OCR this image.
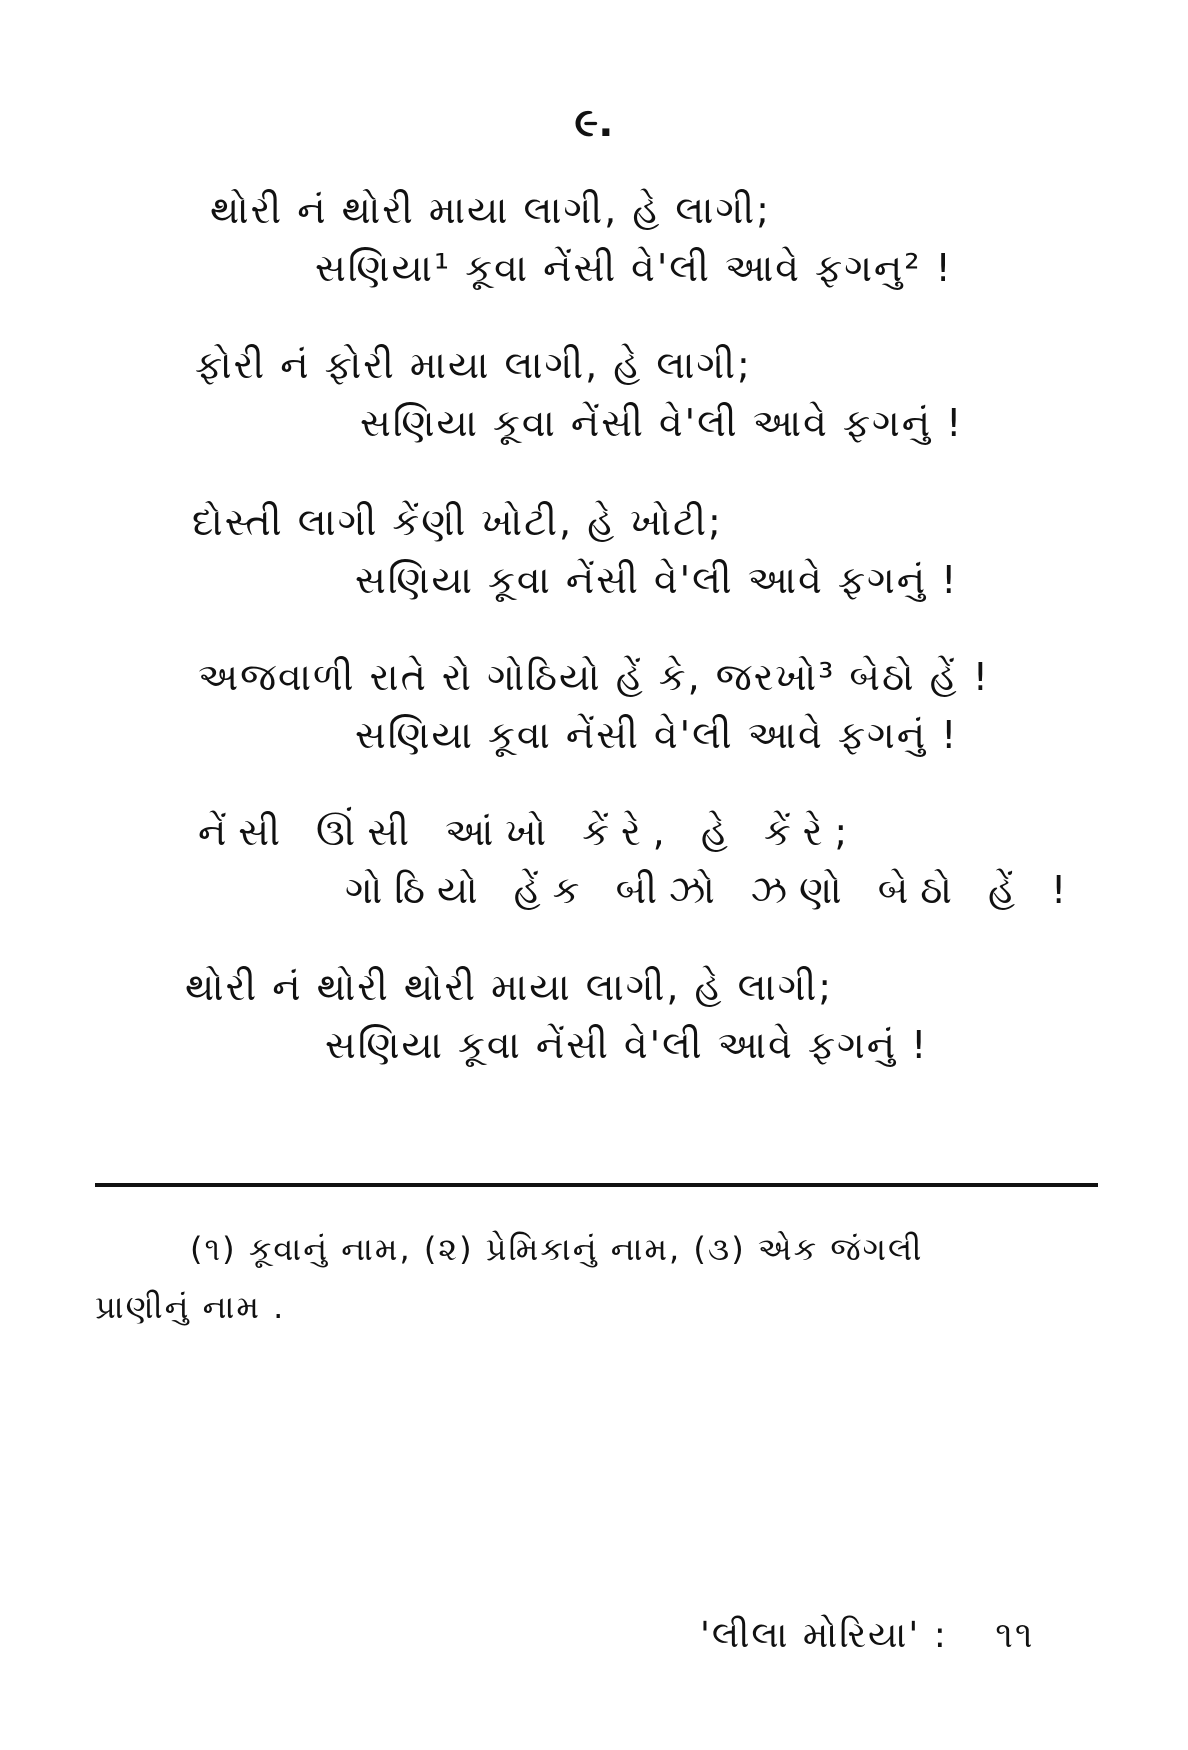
૯.
થોરી નં થોરી માયા લાગી, હે લાગી;
સણિયા¹ કૂવા નેંસી વે'લી આવે ફગનુ² !
ફોરી નં ફોરી માયા લાગી, હે લાગી;
સણિયા કૂવા નેંસી વે'લી આવે ફગનું !
દોસ્તી લાગી કેંણી ખોટી, હે ખોટી;
સણિયા કૂવા નેંસી વે'લી આવે ફગનું !
અજવાળી રાતે રો ગોઠિયો હેં કે, જરખો³ બેઠો હેં !
સણિયા કૂવા નેંસી વે'લી આવે ફગનું !
નેંસી ઊંસી આંખો કેંરે, હે કેંરે;
ગોઠિયો હેંક બીઝો ઝણો બેઠો હેં !
થોરી નં થોરી થોરી માયા લાગી, હે લાગી;
સણિયા કૂવા નેંસી વે'લી આવે ફગનું !
(૧) કૂવાનું નામ, (૨) પ્રેમિકાનું નામ, (૩) એક જંગલી
પ્રાણીનું નામ .
'લીલા મોરિયા' : ૧૧
